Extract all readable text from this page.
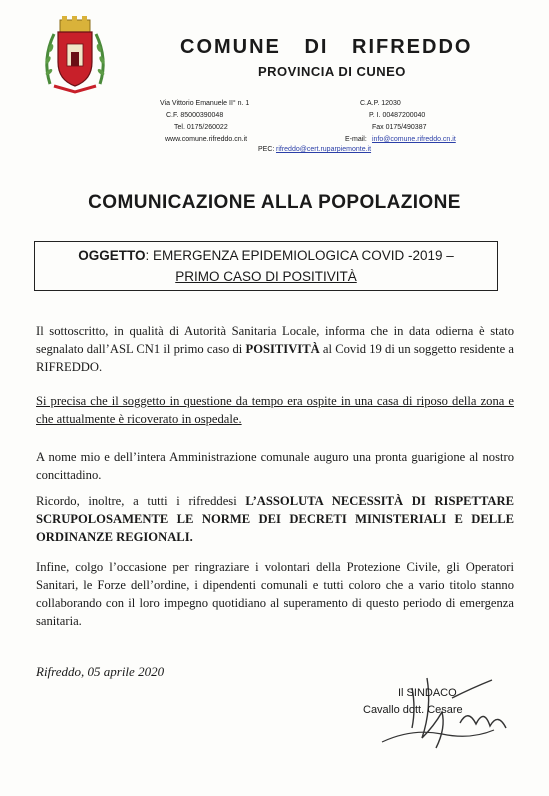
COMUNE DI RIFREDDO
PROVINCIA DI CUNEO
Via Vittorio Emanuele II° n. 1
C.F. 85000390048
Tel. 0175/260022
www.comune.rifreddo.cn.it
PEC: rifreddo@cert.ruparpiemonte.it
C.A.P. 12030
P. I. 00487200040
Fax 0175/490387
E-mail: info@comune.rifreddo.cn.it
COMUNICAZIONE ALLA POPOLAZIONE
OGGETTO: EMERGENZA EPIDEMIOLOGICA COVID -2019 –
PRIMO CASO DI POSITIVITÀ
Il sottoscritto, in qualità di Autorità Sanitaria Locale, informa che in data odierna è stato segnalato dall’ASL CN1 il primo caso di POSITIVITÀ al Covid 19 di un soggetto residente a RIFREDDO.
Si precisa che il soggetto in questione da tempo era ospite in una casa di riposo della zona e che attualmente è ricoverato in ospedale.
A nome mio e dell’intera Amministrazione comunale auguro una pronta guarigione al nostro concittadino.
Ricordo, inoltre, a tutti i rifreddesi L’ASSOLUTA NECESSITÀ DI RISPETTARE SCRUPOLOSAMENTE LE NORME DEI DECRETI MINISTERIALI E DELLE ORDINANZE REGIONALI.
Infine, colgo l’occasione per ringraziare i volontari della Protezione Civile, gli Operatori Sanitari, le Forze dell’ordine, i dipendenti comunali e tutti coloro che a vario titolo stanno collaborando con il loro impegno quotidiano al superamento di questo periodo di emergenza sanitaria.
Rifreddo, 05 aprile 2020
Il SINDACO
Cavallo dott. Cesare
